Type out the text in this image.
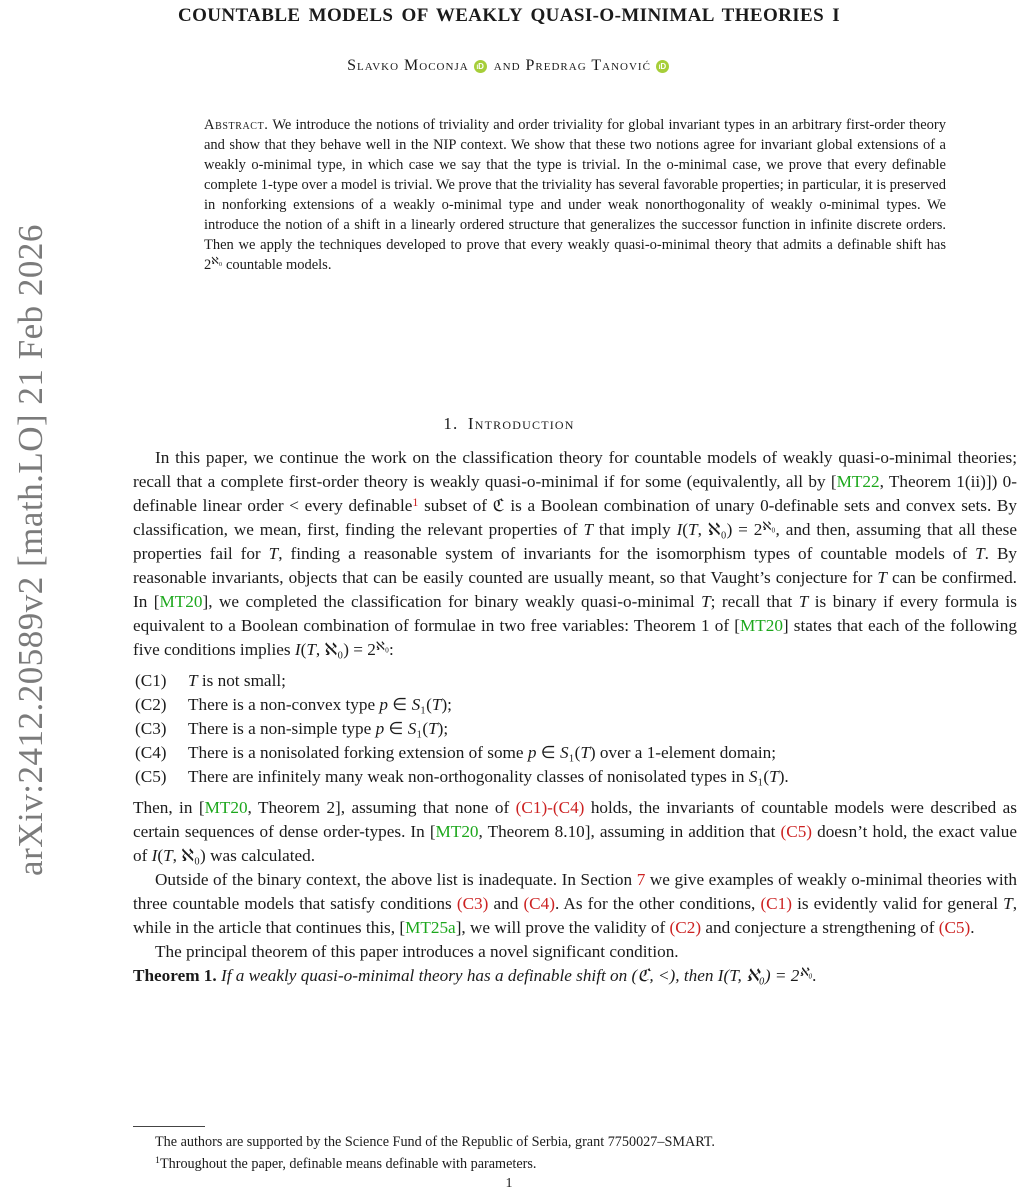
arXiv:2412.20589v2 [math.LO] 21 Feb 2026
COUNTABLE MODELS OF WEAKLY QUASI-O-MINIMAL THEORIES I
Slavko Moconja iD and Predrag Tanović iD
Abstract. We introduce the notions of triviality and order triviality for global invariant types in an arbitrary first-order theory and show that they behave well in the NIP context. We show that these two notions agree for invariant global extensions of a weakly o-minimal type, in which case we say that the type is trivial. In the o-minimal case, we prove that every definable complete 1-type over a model is trivial. We prove that the triviality has several favorable properties; in particular, it is preserved in nonforking extensions of a weakly o-minimal type and under weak nonorthogonality of weakly o-minimal types. We introduce the notion of a shift in a linearly ordered structure that generalizes the successor function in infinite discrete orders. Then we apply the techniques developed to prove that every weakly quasi-o-minimal theory that admits a definable shift has $2^{ℵ_0}$ countable models.
1. Introduction

In this paper, we continue the work on the classification theory for countable models of weakly quasi-o-minimal theories; recall that a complete first-order theory is weakly quasi-o-minimal if for some (equivalently, all by [MT22, Theorem 1(ii)]) 0-definable linear order < every definable$^1$ subset of ℭ is a Boolean combination of unary 0-definable sets and convex sets. By classification, we mean, first, finding the relevant properties of T that imply I(T, ℵ₀) = $2^{ℵ_0}$, and then, assuming that all these properties fail for T, finding a reasonable system of invariants for the isomorphism types of countable models of T. By reasonable invariants, objects that can be easily counted are usually meant, so that Vaught’s conjecture for T can be confirmed. In [MT20], we completed the classification for binary weakly quasi-o-minimal T; recall that T is binary if every formula is equivalent to a Boolean combination of formulae in two free variables: Theorem 1 of [MT20] states that each of the following five conditions implies I(T, ℵ₀) = $2^{ℵ_0}$:

(C1)	T is not small;
(C2)	There is a non-convex type p ∈ S₁(T);
(C3)	There is a non-simple type p ∈ S₁(T);
(C4)	There is a nonisolated forking extension of some p ∈ S₁(T) over a 1-element domain;
(C5)	There are infinitely many weak non-orthogonality classes of nonisolated types in S₁(T).

Then, in [MT20, Theorem 2], assuming that none of (C1)-(C4) holds, the invariants of countable models were described as certain sequences of dense order-types. In [MT20, Theorem 8.10], assuming in addition that (C5) doesn’t hold, the exact value of I(T, ℵ₀) was calculated.

Outside of the binary context, the above list is inadequate. In Section 7 we give examples of weakly o-minimal theories with three countable models that satisfy conditions (C3) and (C4). As for the other conditions, (C1) is evidently valid for general T, while in the article that continues this, [MT25a], we will prove the validity of (C2) and conjecture a strengthening of (C5).

The principal theorem of this paper introduces a novel significant condition.

Theorem 1. If a weakly quasi-o-minimal theory has a definable shift on (ℭ, <), then I(T, ℵ₀) = $2^{ℵ_0}$.

The authors are supported by the Science Fund of the Republic of Serbia, grant 7750027–SMART.

$^1$Throughout the paper, definable means definable with parameters.

1
